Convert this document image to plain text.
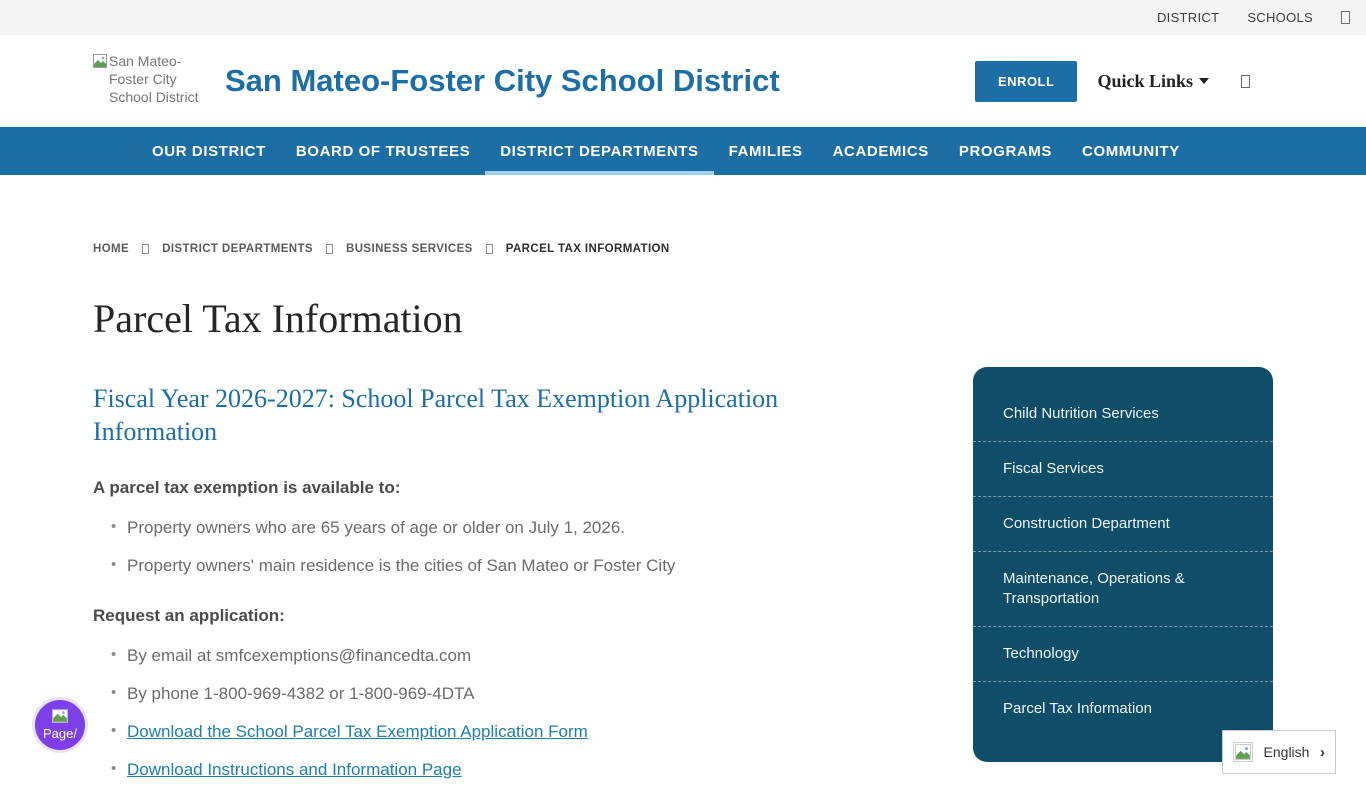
DISTRICT SCHOOLS
San Mateo-Foster City School District San Mateo-Foster City School District	ENROLL	Quick Links
OUR DISTRICT	BOARD OF TRUSTEES	DISTRICT DEPARTMENTS	FAMILIES	ACADEMICS	PROGRAMS	COMMUNITY
HOME	DISTRICT DEPARTMENTS	BUSINESS SERVICES	PARCEL TAX INFORMATION
Parcel Tax Information
Fiscal Year 2026-2027: School Parcel Tax Exemption Application Information

A parcel tax exemption is available to:

• Property owners who are 65 years of age or older on July 1, 2026.
• Property owners' main residence is the cities of San Mateo or Foster City

Request an application:

• By email at smfcexemptions@financedta.com
• By phone 1-800-969-4382 or 1-800-969-4DTA
• Download the School Parcel Tax Exemption Application Form
• Download Instructions and Information Page
Child Nutrition Services
Fiscal Services
Construction Department
Maintenance, Operations & Transportation
Technology
Parcel Tax Information
Page/
English ›
